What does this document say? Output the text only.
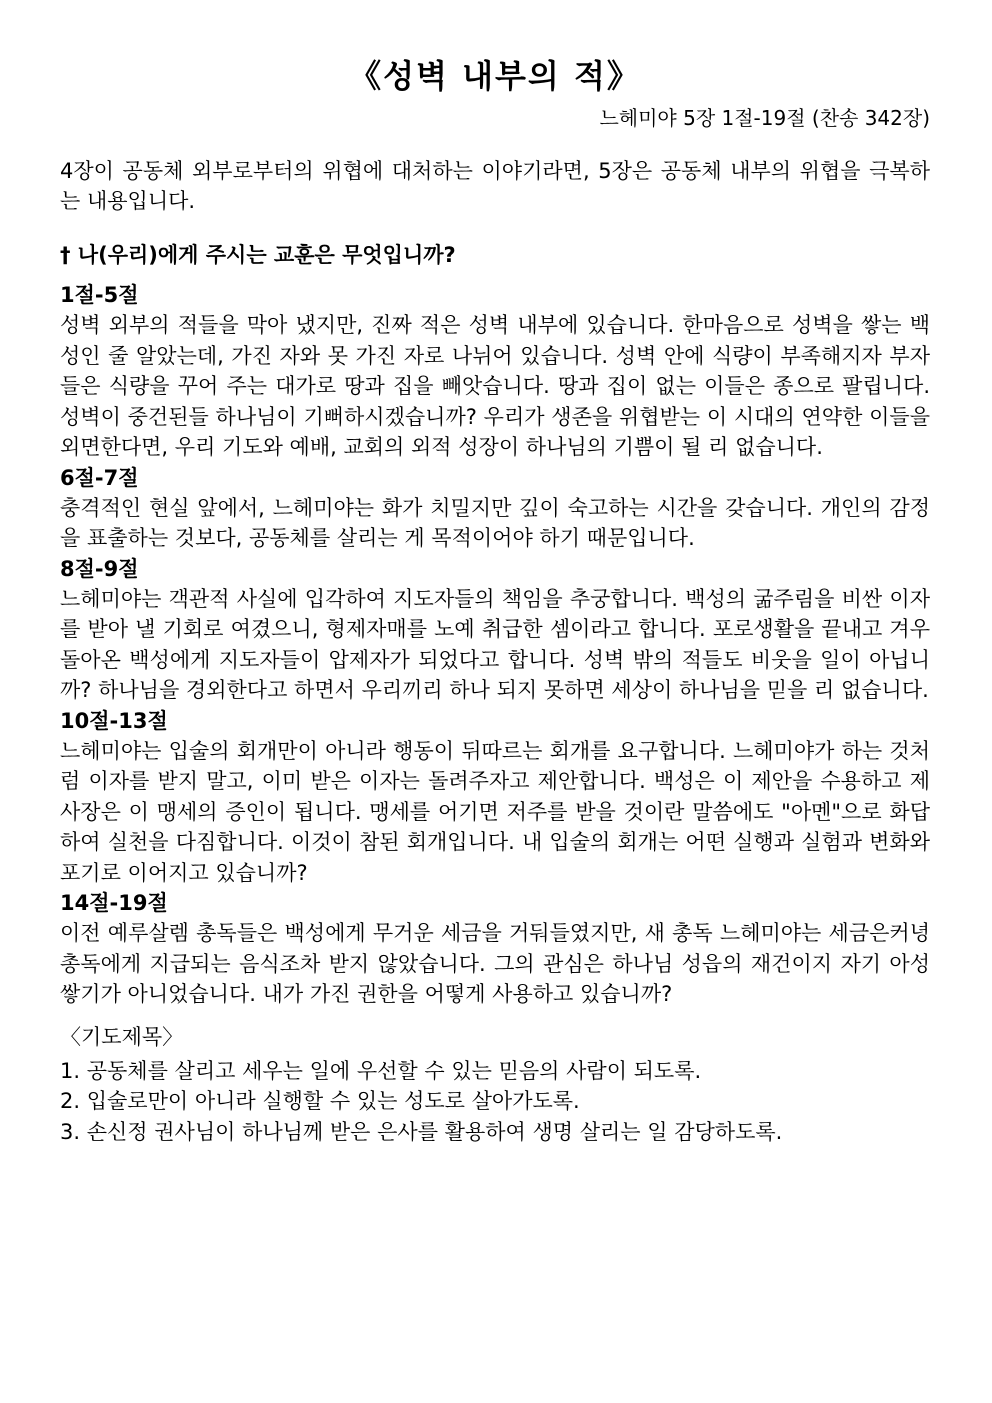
《성벽 내부의 적》
느헤미야 5장 1절-19절 (찬송 342장)

4장이 공동체 외부로부터의 위협에 대처하는 이야기라면, 5장은 공동체 내부의 위협을 극복하는 내용입니다.

† 나(우리)에게 주시는 교훈은 무엇입니까?
1절-5절

성벽 외부의 적들을 막아 냈지만, 진짜 적은 성벽 내부에 있습니다. 한마음으로 성벽을 쌓는 백성인 줄 알았는데, 가진 자와 못 가진 자로 나뉘어 있습니다. 성벽 안에 식량이 부족해지자 부자들은 식량을 꾸어 주는 대가로 땅과 집을 빼앗습니다. 땅과 집이 없는 이들은 종으로 팔립니다. 성벽이 중건된들 하나님이 기뻐하시겠습니까? 우리가 생존을 위협받는 이 시대의 연약한 이들을 외면한다면, 우리 기도와 예배, 교회의 외적 성장이 하나님의 기쁨이 될 리 없습니다.

6절-7절

충격적인 현실 앞에서, 느헤미야는 화가 치밀지만 깊이 숙고하는 시간을 갖습니다. 개인의 감정을 표출하는 것보다, 공동체를 살리는 게 목적이어야 하기 때문입니다.

8절-9절

느헤미야는 객관적 사실에 입각하여 지도자들의 책임을 추궁합니다. 백성의 굶주림을 비싼 이자를 받아 낼 기회로 여겼으니, 형제자매를 노예 취급한 셈이라고 합니다. 포로생활을 끝내고 겨우 돌아온 백성에게 지도자들이 압제자가 되었다고 합니다. 성벽 밖의 적들도 비웃을 일이 아닙니까? 하나님을 경외한다고 하면서 우리끼리 하나 되지 못하면 세상이 하나님을 믿을 리 없습니다.

10절-13절

느헤미야는 입술의 회개만이 아니라 행동이 뒤따르는 회개를 요구합니다. 느헤미야가 하는 것처럼 이자를 받지 말고, 이미 받은 이자는 돌려주자고 제안합니다. 백성은 이 제안을 수용하고 제사장은 이 맹세의 증인이 됩니다. 맹세를 어기면 저주를 받을 것이란 말씀에도 "아멘"으로 화답하여 실천을 다짐합니다. 이것이 참된 회개입니다. 내 입술의 회개는 어떤 실행과 실험과 변화와 포기로 이어지고 있습니까?

14절-19절

이전 예루살렘 총독들은 백성에게 무거운 세금을 거둬들였지만, 새 총독 느헤미야는 세금은커녕 총독에게 지급되는 음식조차 받지 않았습니다. 그의 관심은 하나님 성읍의 재건이지 자기 아성 쌓기가 아니었습니다. 내가 가진 권한을 어떻게 사용하고 있습니까?

〈기도제목〉
1. 공동체를 살리고 세우는 일에 우선할 수 있는 믿음의 사람이 되도록.
2. 입술로만이 아니라 실행할 수 있는 성도로 살아가도록.
3. 손신정 권사님이 하나님께 받은 은사를 활용하여 생명 살리는 일 감당하도록.
